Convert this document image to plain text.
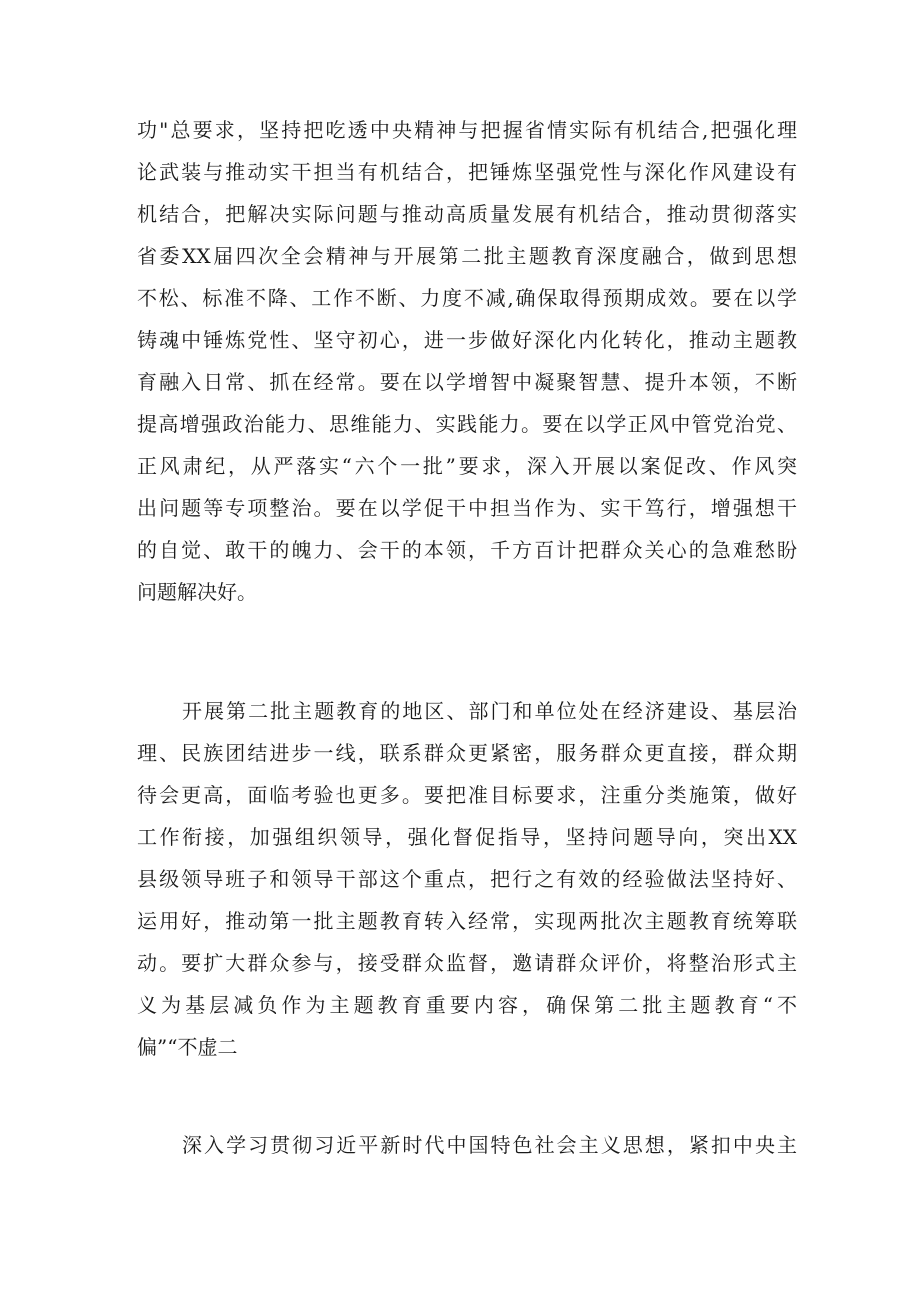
功"总要求，坚持把吃透中央精神与把握省情实际有机结合,把强化理
论武装与推动实干担当有机结合，把锤炼坚强党性与深化作风建设有
机结合，把解决实际问题与推动高质量发展有机结合，推动贯彻落实
省委XX届四次全会精神与开展第二批主题教育深度融合，做到思想
不松、标准不降、工作不断、力度不减,确保取得预期成效。要在以学
铸魂中锤炼党性、坚守初心，进一步做好深化内化转化，推动主题教
育融入日常、抓在经常。要在以学增智中凝聚智慧、提升本领，不断
提高增强政治能力、思维能力、实践能力。要在以学正风中管党治党、
正风肃纪，从严落实“六个一批”要求，深入开展以案促改、作风突
出问题等专项整治。要在以学促干中担当作为、实干笃行，增强想干
的自觉、敢干的魄力、会干的本领，千方百计把群众关心的急难愁盼
问题解决好。
开展第二批主题教育的地区、部门和单位处在经济建设、基层治
理、民族团结进步一线，联系群众更紧密，服务群众更直接，群众期
待会更高，面临考验也更多。要把准目标要求，注重分类施策，做好
工作衔接，加强组织领导，强化督促指导，坚持问题导向，突出XX
县级领导班子和领导干部这个重点，把行之有效的经验做法坚持好、
运用好，推动第一批主题教育转入经常，实现两批次主题教育统筹联
动。要扩大群众参与，接受群众监督，邀请群众评价，将整治形式主
义为基层减负作为主题教育重要内容，确保第二批主题教育“不
偏”“不虚二
深入学习贯彻习近平新时代中国特色社会主义思想，紧扣中央主
